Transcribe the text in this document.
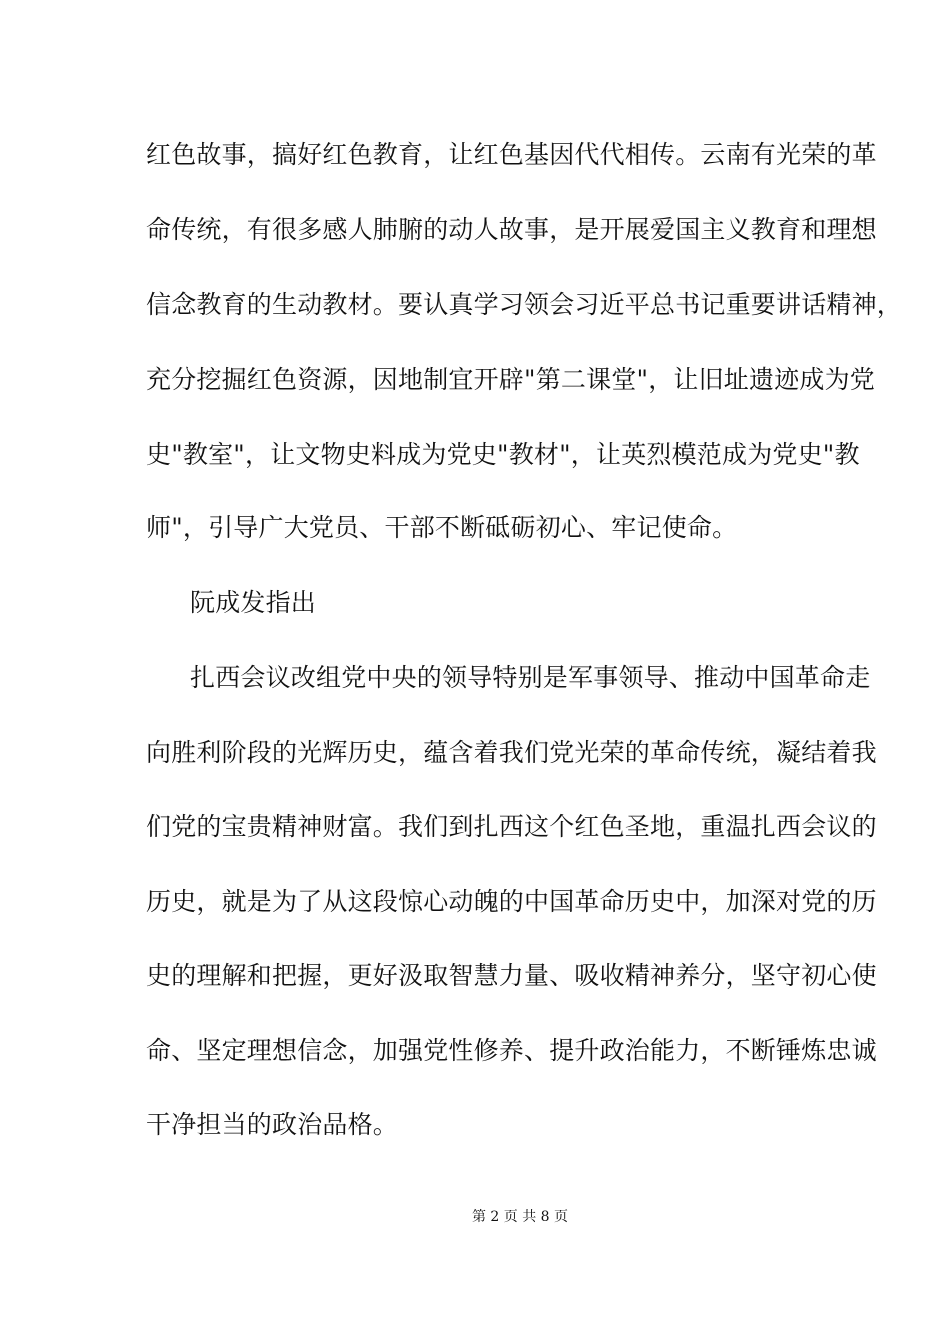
红色故事，搞好红色教育，让红色基因代代相传。云南有光荣的革
命传统，有很多感人肺腑的动人故事，是开展爱国主义教育和理想
信念教育的生动教材。要认真学习领会习近平总书记重要讲话精神，
充分挖掘红色资源，因地制宜开辟"第二课堂"，让旧址遗迹成为党
史"教室"，让文物史料成为党史"教材"，让英烈模范成为党史"教
师"，引导广大党员、干部不断砥砺初心、牢记使命。
阮成发指出
扎西会议改组党中央的领导特别是军事领导、推动中国革命走
向胜利阶段的光辉历史，蕴含着我们党光荣的革命传统，凝结着我
们党的宝贵精神财富。我们到扎西这个红色圣地，重温扎西会议的
历史，就是为了从这段惊心动魄的中国革命历史中，加深对党的历
史的理解和把握，更好汲取智慧力量、吸收精神养分，坚守初心使
命、坚定理想信念，加强党性修养、提升政治能力，不断锤炼忠诚
干净担当的政治品格。
第 2 页 共 8 页
